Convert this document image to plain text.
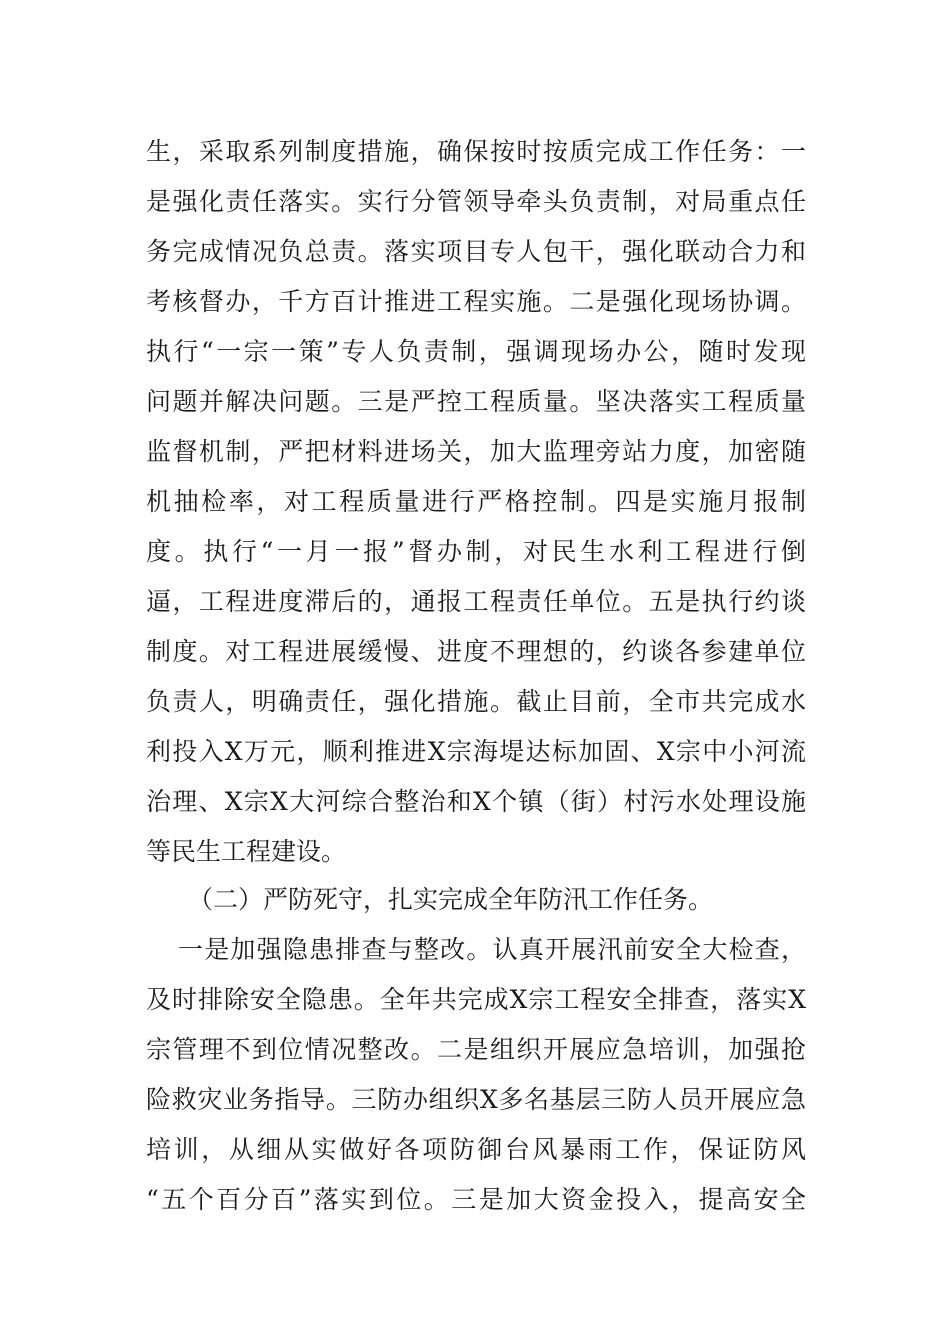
生，采取系列制度措施，确保按时按质完成工作任务：一
是强化责任落实。实行分管领导牵头负责制，对局重点任
务完成情况负总责。落实项目专人包干，强化联动合力和
考核督办，千方百计推进工程实施。二是强化现场协调。
执行“一宗一策”专人负责制，强调现场办公，随时发现
问题并解决问题。三是严控工程质量。坚决落实工程质量
监督机制，严把材料进场关，加大监理旁站力度，加密随
机抽检率，对工程质量进行严格控制。四是实施月报制
度。执行“一月一报”督办制，对民生水利工程进行倒
逼，工程进度滞后的，通报工程责任单位。五是执行约谈
制度。对工程进展缓慢、进度不理想的，约谈各参建单位
负责人，明确责任，强化措施。截止目前，全市共完成水
利投入X万元，顺利推进X宗海堤达标加固、X宗中小河流
治理、X宗X大河综合整治和X个镇（街）村污水处理设施
等民生工程建设。
（二）严防死守，扎实完成全年防汛工作任务。
一是加强隐患排查与整改。认真开展汛前安全大检查，
及时排除安全隐患。全年共完成X宗工程安全排查，落实X
宗管理不到位情况整改。二是组织开展应急培训，加强抢
险救灾业务指导。三防办组织X多名基层三防人员开展应急
培训，从细从实做好各项防御台风暴雨工作，保证防风
“五个百分百”落实到位。三是加大资金投入，提高安全
